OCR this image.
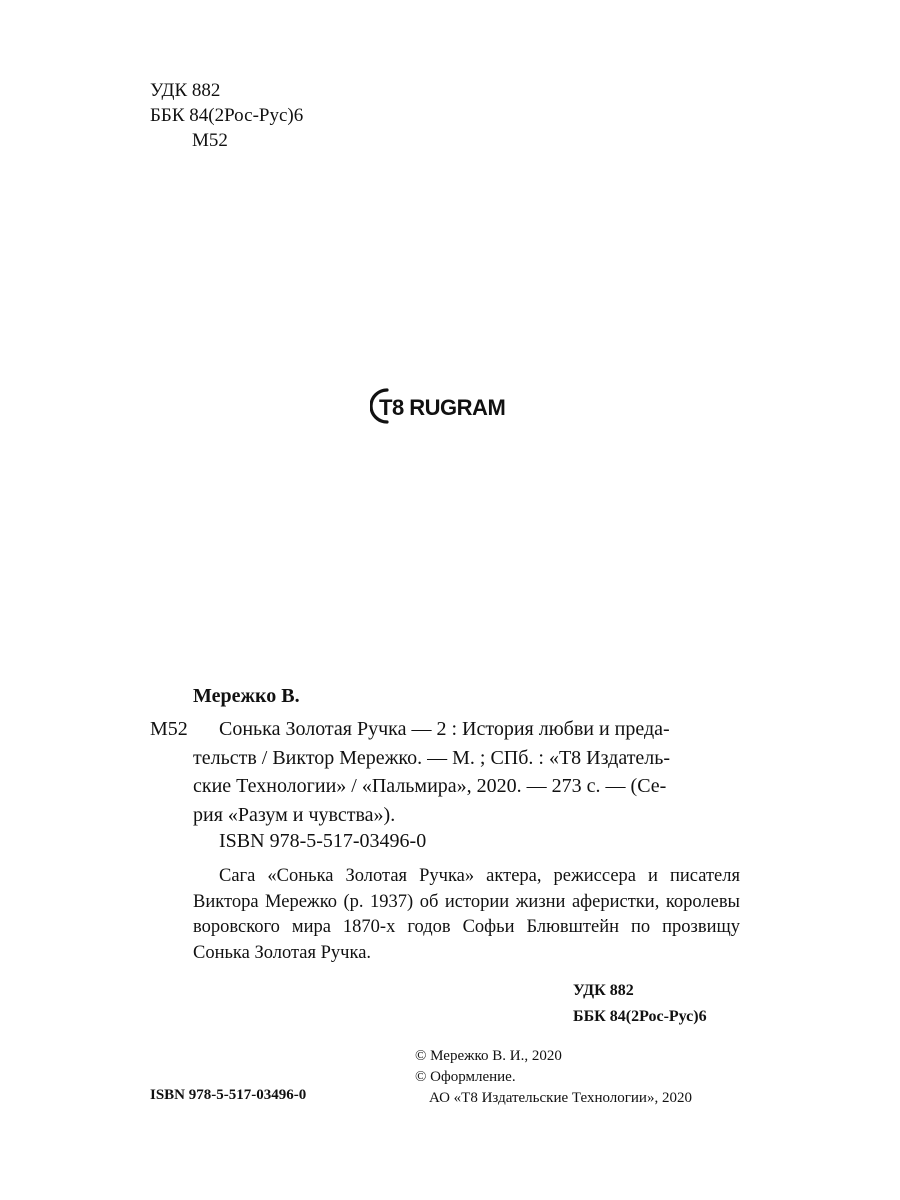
УДК 882
ББК 84(2Рос-Рус)6
М52
T8 RUGRAM
Мережко В.
М52	Сонька Золотая Ручка — 2 : История любви и преда-
тельств / Виктор Мережко. — М. ; СПб. : «Т8 Издатель-
ские Технологии» / «Пальмира», 2020. — 273 с. — (Се-
рия «Разум и чувства»).
ISBN 978-5-517-03496-0
Сага «Сонька Золотая Ручка» актера, режиссера и писателя Виктора Мережко (р. 1937) об истории жизни аферистки, королевы воровского мира 1870-х годов Софьи Блювштейн по прозвищу Сонька Золотая Ручка.
УДК 882
ББК 84(2Рос-Рус)6
© Мережко В. И., 2020
© Оформление.
АО «Т8 Издательские Технологии», 2020
ISBN 978-5-517-03496-0
